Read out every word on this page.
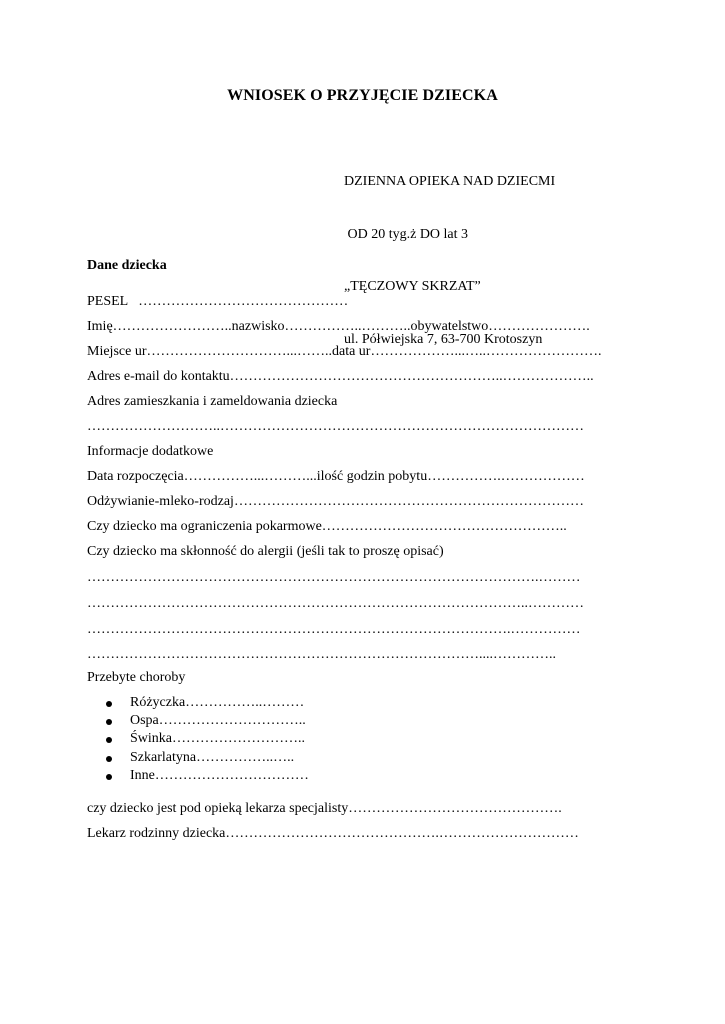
WNIOSEK O PRZYJĘCIE DZIECKA

DZIENNA OPIEKA NAD DZIECMI

OD 20 tyg.ż DO lat 3

„TĘCZOWY SKRZAT”

ul. Półwiejska 7, 63-700 Krotoszyn

Dane dziecka
PESEL   ………………………………………
Imię……………………..nazwisko……………..………..obywatelstwo………………….
Miejsce ur…………………………...……..data ur………………...…..…………………….
Adres e-mail do kontaktu…………………………………………………..………………..
Adres zamieszkania i zameldowania dziecka
………………………..……………………………………………………………………
Informacje dodatkowe
Data rozpoczęcia……………...………...ilość godzin pobytu…………….………………
Odżywianie-mleko-rodzaj…………………………………………………………………
Czy dziecko ma ograniczenia pokarmowe……………………………………………..
Czy dziecko ma skłonność do alergii (jeśli tak to proszę opisać)
…………………………………………………………………………………….………
…………………………………………………………………………………..…………
……………………………………………………………………………….……………
…………………………………………………………………………....…………..
Przebyte choroby
Różyczka……………..………
Ospa…………………………..
Świnka………………………..
Szkarlatyna……………..…..
Inne……………………………
czy dziecko jest pod opieką lekarza specjalisty……………………………………….
Lekarz rodzinny dziecka……………………………………….…………………………
